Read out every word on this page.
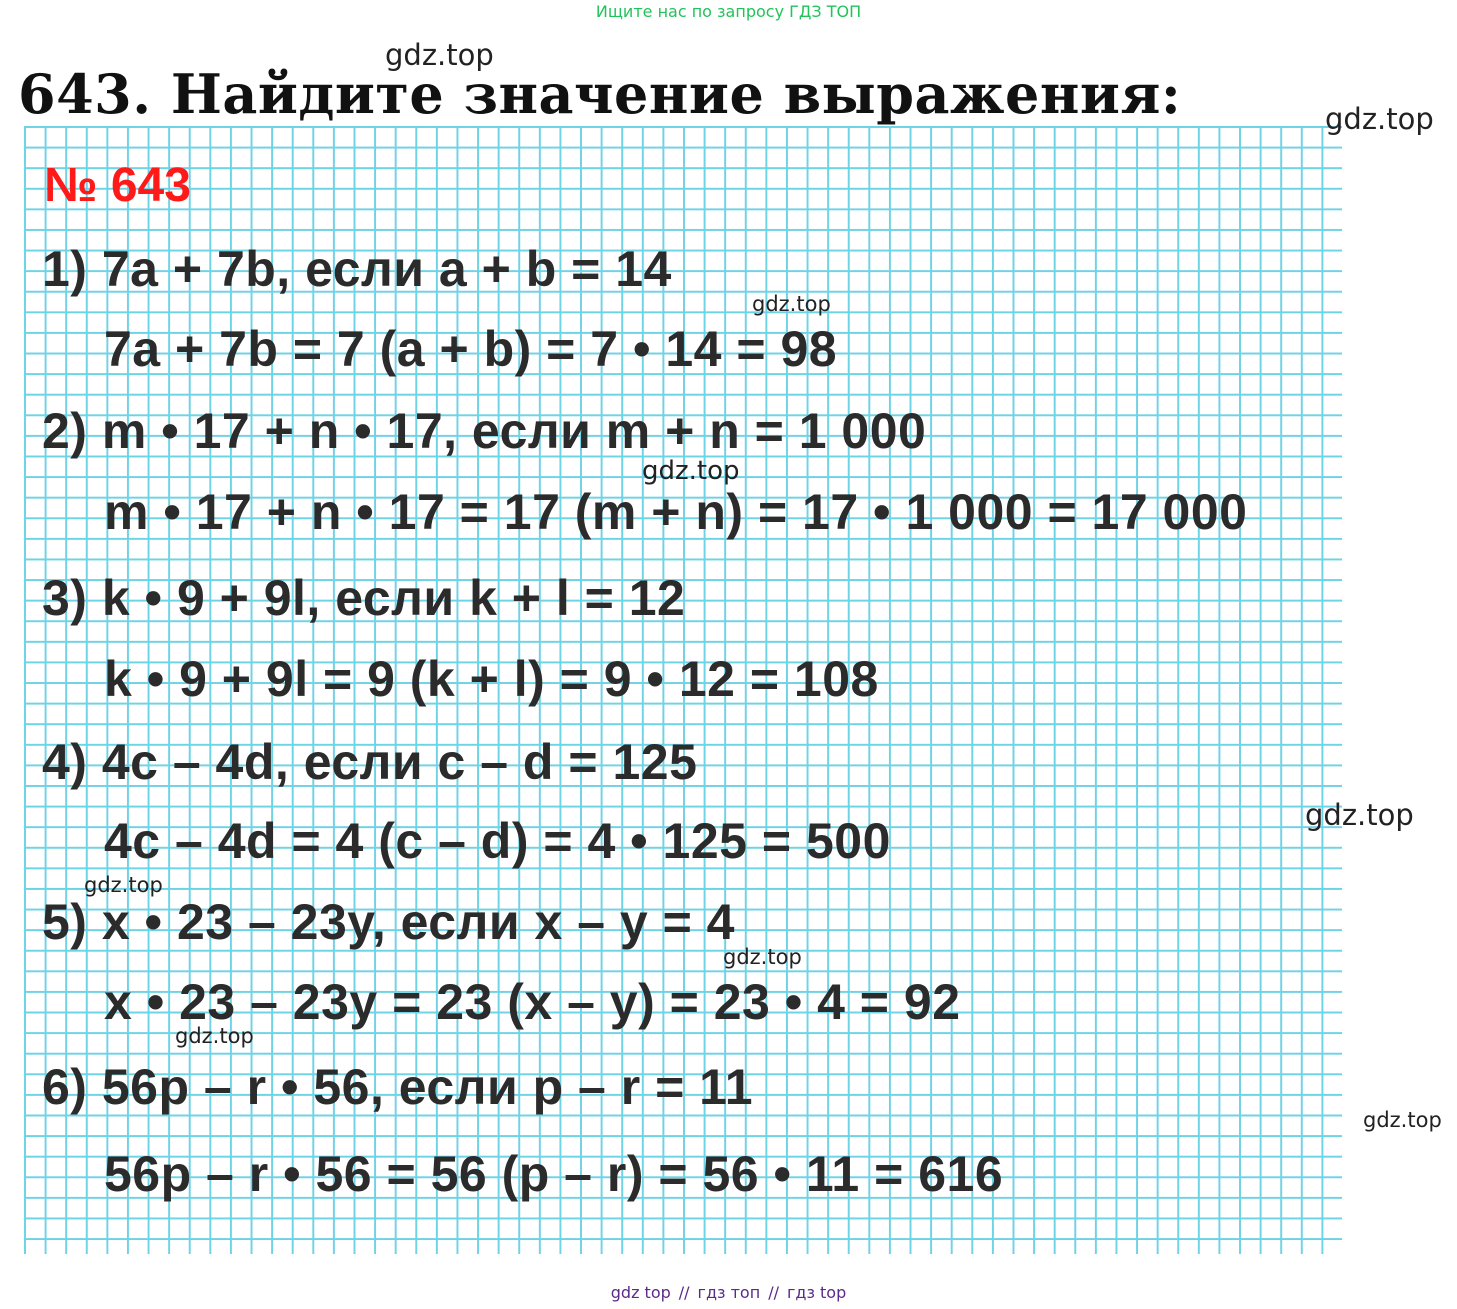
Ищите нас по запросу ГДЗ ТОП
643. Найдите значение выражения:
№ 643
1) 7a + 7b, если a + b = 14
7a + 7b = 7 (a + b) = 7 • 14 = 98
2) m • 17 + n • 17, если m + n = 1 000
m • 17 + n • 17 = 17 (m + n) = 17 • 1 000 = 17 000
3) k • 9 + 9l, если k + l = 12
k • 9 + 9l = 9 (k + l) = 9 • 12 = 108
4) 4c – 4d, если c – d = 125
4c – 4d = 4 (c – d) = 4 • 125 = 500
5) x • 23 – 23y, если x – y = 4
x • 23 – 23y = 23 (x – y) = 23 • 4 = 92
6) 56p – r • 56, если p – r = 11
56p – r • 56 = 56 (p – r) = 56 • 11 = 616
gdz.top
gdz.top
gdz.top
gdz.top
gdz.top
gdz.top
gdz.top
gdz.top
gdz.top
gdz top // гдз топ // гдз top
